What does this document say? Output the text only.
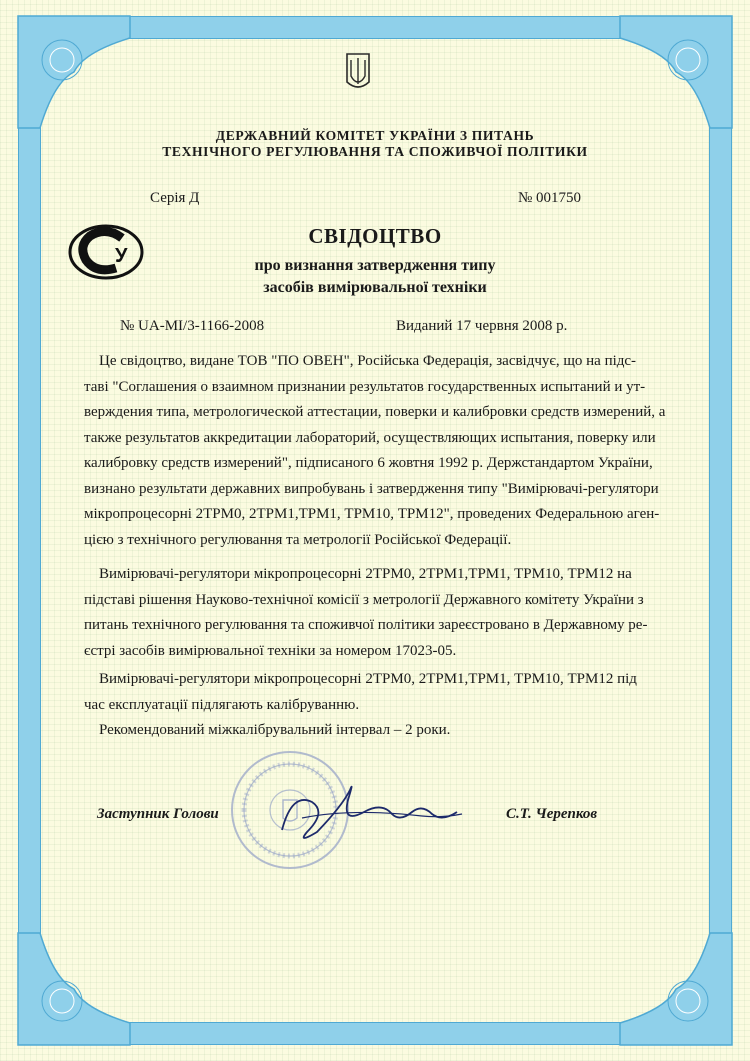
ДЕРЖАВНИЙ КОМІТЕТ УКРАЇНИ З ПИТАНЬ
ТЕХНІЧНОГО РЕГУЛЮВАННЯ ТА СПОЖИВЧОЇ ПОЛІТИКИ
Серія Д	№ 001750
У
СВІДОЦТВО
про визнання затвердження типу
засобів вимірювальної техніки
№ UA-MI/3-1166-2008	Виданий 17 червня 2008 р.
Це свідоцтво, видане ТОВ "ПО ОВЕН", Російська Федерація, засвідчує, що на підс-
таві "Соглашения о взаимном признании результатов государственных испытаний и ут-
верждения типа, метрологической аттестации, поверки и калибровки средств измерений, а
также результатов аккредитации лабораторий, осуществляющих испытания, поверку или
калибровку средств измерений", підписаного 6 жовтня 1992 р. Держстандартом України,
визнано результати державних випробувань і затвердження типу "Вимірювачі-регулятори
мікропроцесорні 2ТРМ0, 2ТРМ1,ТРМ1, ТРМ10, ТРМ12", проведених Федеральною аген-
цією з технічного регулювання та метрології Російської Федерації.
Вимірювачі-регулятори мікропроцесорні 2ТРМ0, 2ТРМ1,ТРМ1, ТРМ10, ТРМ12 на
підставі рішення Науково-технічної комісії з метрології Державного комітету України з
питань технічного регулювання та споживчої політики зареєстровано в Державному ре-
єстрі засобів вимірювальної техніки за номером 17023-05.
Вимірювачі-регулятори мікропроцесорні 2ТРМ0, 2ТРМ1,ТРМ1, ТРМ10, ТРМ12 під
час експлуатації підлягають калібруванню.
Рекомендований міжкалібрувальний інтервал – 2 роки.
Заступник Голови	С.Т. Черепков
